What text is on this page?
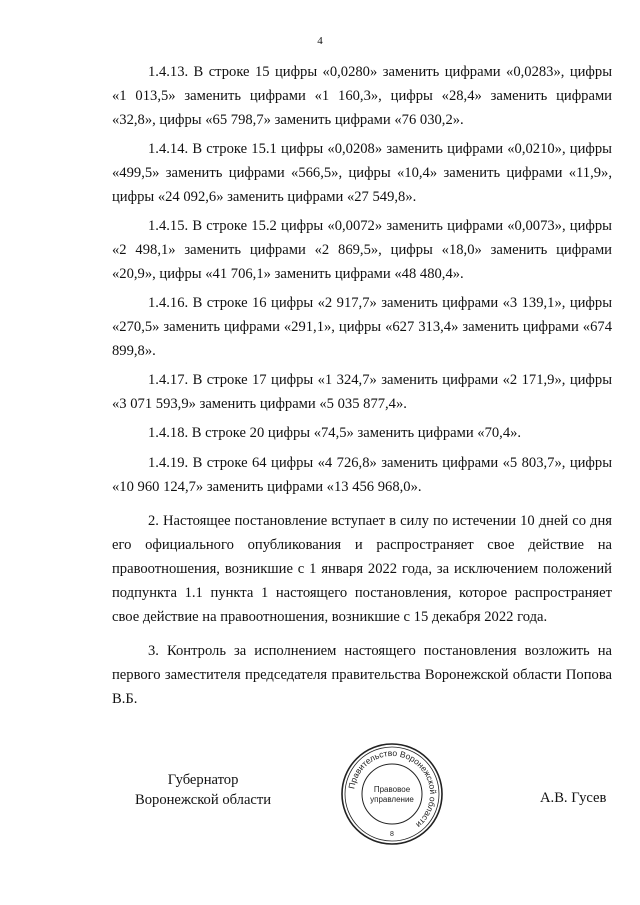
4

1.4.13. В строке 15 цифры «0,0280» заменить цифрами «0,0283», цифры «1 013,5» заменить цифрами «1 160,3», цифры «28,4» заменить цифрами «32,8», цифры «65 798,7» заменить цифрами «76 030,2».

1.4.14. В строке 15.1 цифры «0,0208» заменить цифрами «0,0210», цифры «499,5» заменить цифрами «566,5», цифры «10,4» заменить цифрами «11,9», цифры «24 092,6» заменить цифрами «27 549,8».

1.4.15. В строке 15.2 цифры «0,0072» заменить цифрами «0,0073», цифры «2 498,1» заменить цифрами «2 869,5», цифры «18,0» заменить цифрами «20,9», цифры «41 706,1» заменить цифрами «48 480,4».

1.4.16. В строке 16 цифры «2 917,7» заменить цифрами «3 139,1», цифры «270,5» заменить цифрами «291,1», цифры «627 313,4» заменить цифрами «674 899,8».

1.4.17. В строке 17 цифры «1 324,7» заменить цифрами «2 171,9», цифры «3 071 593,9» заменить цифрами «5 035 877,4».

1.4.18. В строке 20 цифры «74,5» заменить цифрами «70,4».

1.4.19. В строке 64 цифры «4 726,8» заменить цифрами «5 803,7», цифры «10 960 124,7» заменить цифрами «13 456 968,0».

2. Настоящее постановление вступает в силу по истечении 10 дней со дня его официального опубликования и распространяет свое действие на правоотношения, возникшие с 1 января 2022 года, за исключением положений подпункта 1.1 пункта 1 настоящего постановления, которое распространяет свое действие на правоотношения, возникшие с 15 декабря 2022 года.

3. Контроль за исполнением настоящего постановления возложить на первого заместителя председателя правительства Воронежской области Попова В.Б.

Губернатор
Воронежской области
Правительство Воронежской области
Правовое
управление
8
А.В. Гусев
